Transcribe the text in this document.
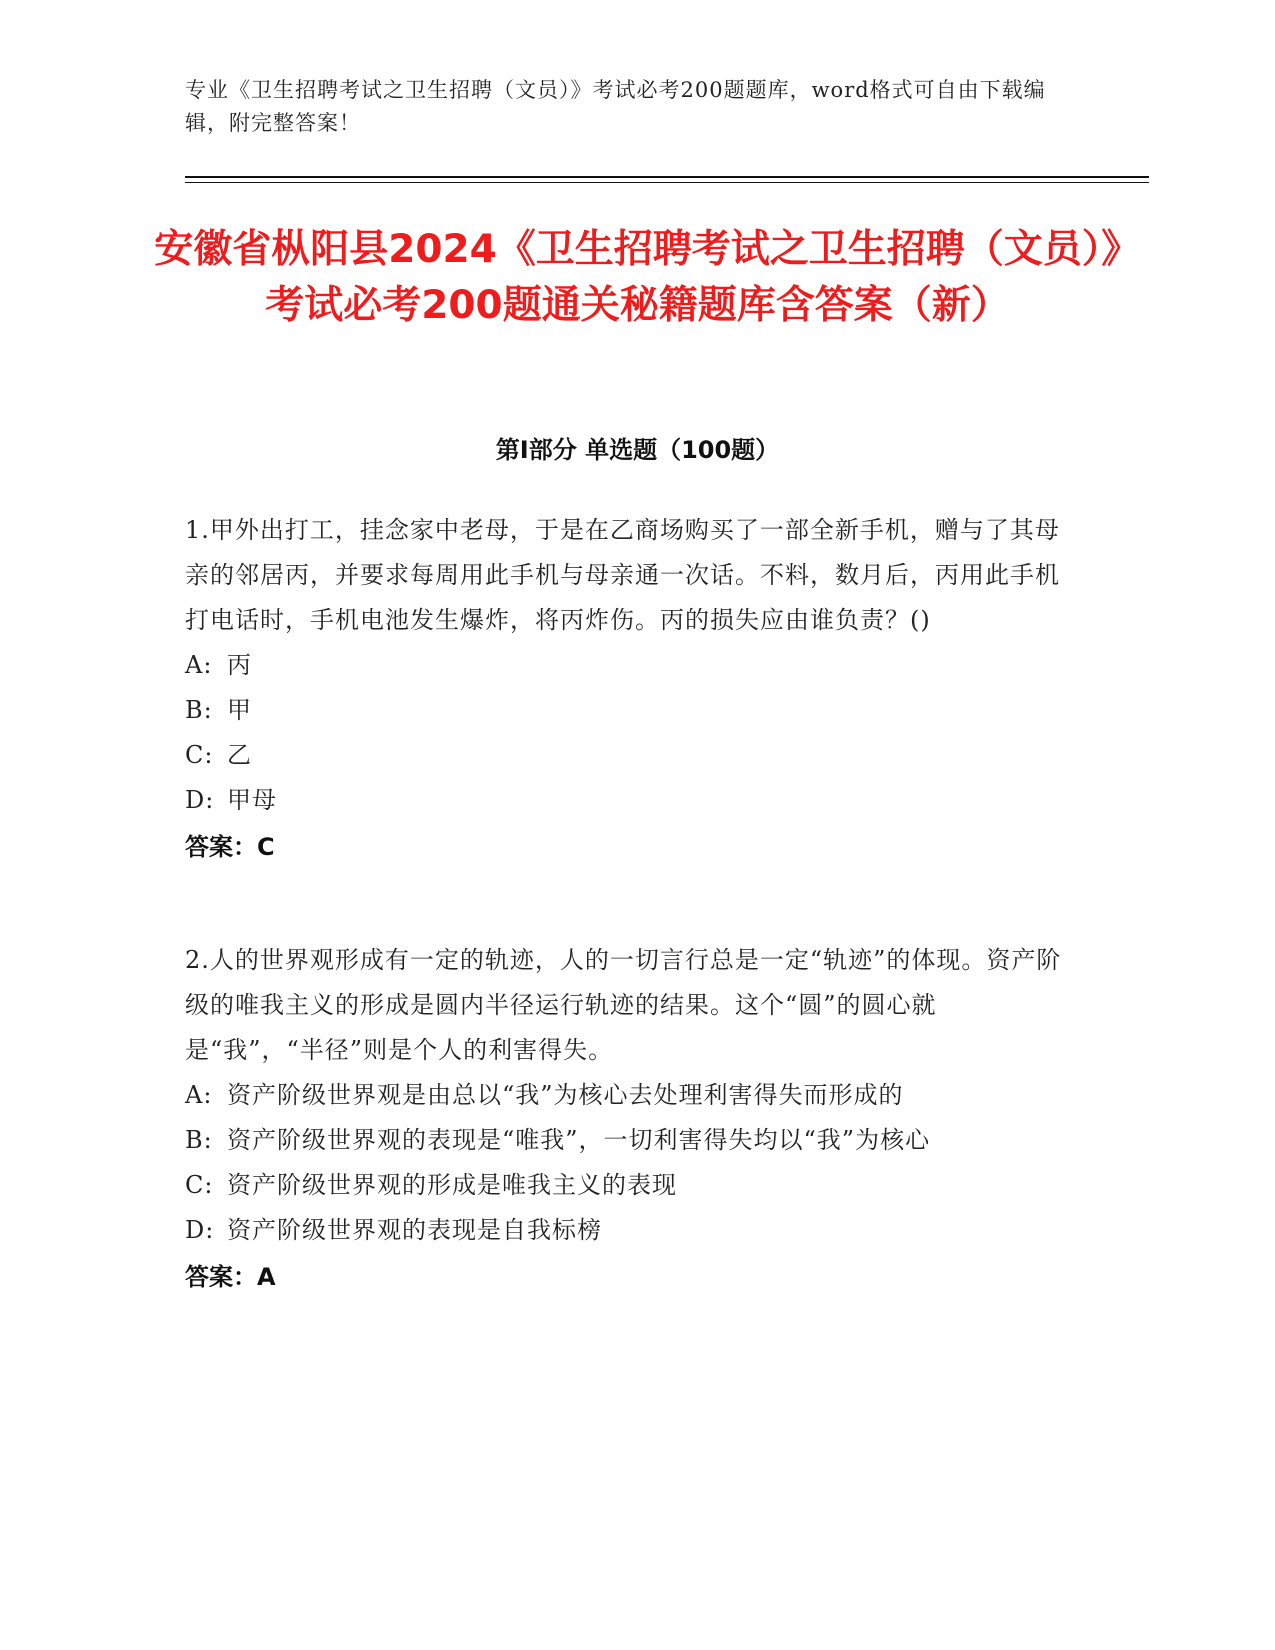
专业《卫生招聘考试之卫生招聘（文员）》考试必考200题题库，word格式可自由下载编辑，附完整答案！
安徽省枞阳县2024《卫生招聘考试之卫生招聘（文员）》考试必考200题通关秘籍题库含答案（新）
第Ⅰ部分 单选题（100题）

1.甲外出打工，挂念家中老母，于是在乙商场购买了一部全新手机，赠与了其母亲的邻居丙，并要求每周用此手机与母亲通一次话。不料，数月后，丙用此手机打电话时，手机电池发生爆炸，将丙炸伤。丙的损失应由谁负责？()

A: 丙

B: 甲

C: 乙

D: 甲母

答案：C

2.人的世界观形成有一定的轨迹，人的一切言行总是一定“轨迹”的体现。资产阶级的唯我主义的形成是圆内半径运行轨迹的结果。这个“圆”的圆心就是“我”，“半径”则是个人的利害得失。

A: 资产阶级世界观是由总以“我”为核心去处理利害得失而形成的

B: 资产阶级世界观的表现是“唯我”，一切利害得失均以“我”为核心

C: 资产阶级世界观的形成是唯我主义的表现

D: 资产阶级世界观的表现是自我标榜

答案：A
